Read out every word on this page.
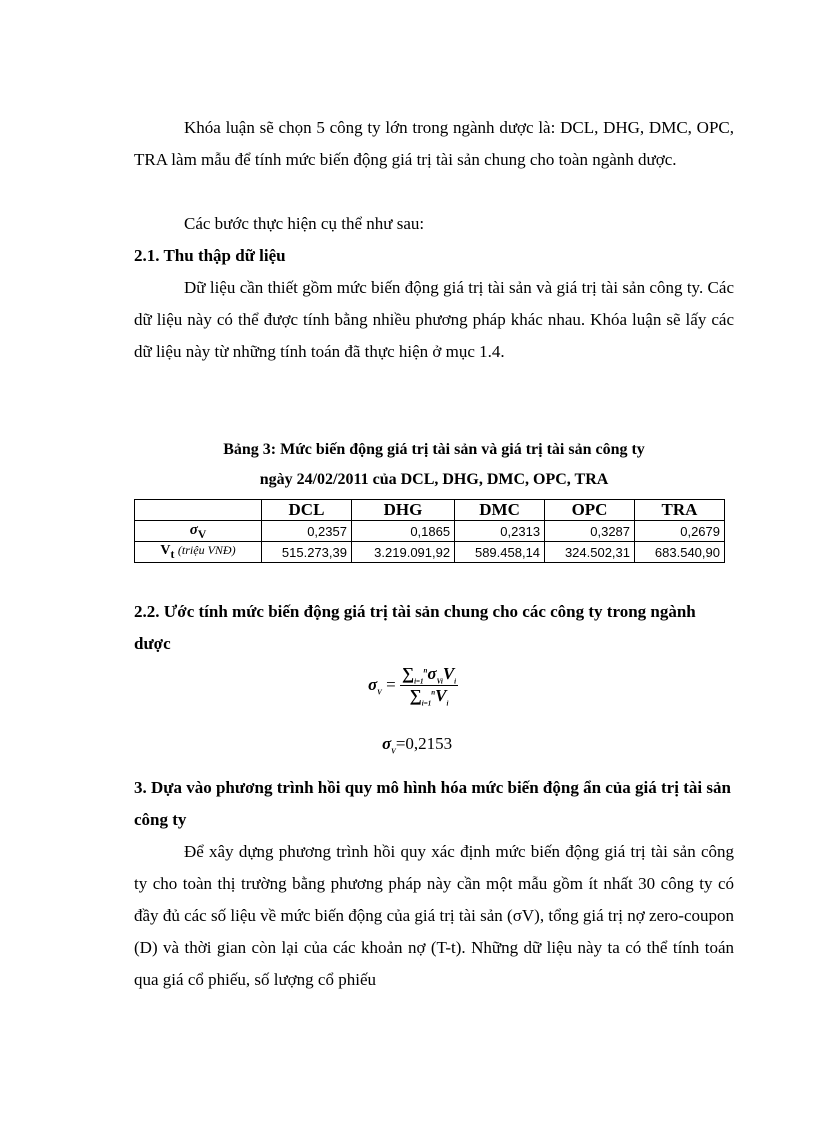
Khóa luận sẽ chọn 5 công ty lớn trong ngành dược là: DCL, DHG, DMC, OPC, TRA làm mẫu để tính mức biến động giá trị tài sản chung cho toàn ngành dược.

Các bước thực hiện cụ thể như sau:

2.1. Thu thập dữ liệu

Dữ liệu cần thiết gồm mức biến động giá trị tài sản và giá trị tài sản công ty. Các dữ liệu này có thể được tính bằng nhiều phương pháp khác nhau. Khóa luận sẽ lấy các dữ liệu này từ những tính toán đã thực hiện ở mục 1.4.

Bảng 3: Mức biến động giá trị tài sản và giá trị tài sản công ty

ngày 24/02/2011 của DCL, DHG, DMC, OPC, TRA

	DCL	DHG	DMC	OPC	TRA
$\sigma_V$	0,2357	0,1865	0,2313	0,3287	0,2679
$V_t$ (triệu VNĐ)	515.273,39	3.219.091,92	589.458,14	324.502,31	683.540,90

2.2. Ước tính mức biến động giá trị tài sản chung cho các công ty trong ngành dược

$\sigma_V = \frac{\sum_{i=1}^n\sigma_{Vi}V_i}{\sum_{i=1}^nV_i}$
$\sigma_V=0,2153$

3. Dựa vào phương trình hồi quy mô hình hóa mức biến động ẩn của giá trị tài sản công ty

Để xây dựng phương trình hồi quy xác định mức biến động giá trị tài sản công ty cho toàn thị trường bằng phương pháp này cần một mẫu gồm ít nhất 30 công ty có đầy đủ các số liệu về mức biến động của giá trị tài sản (σV), tổng giá trị nợ zero-coupon (D) và thời gian còn lại của các khoản nợ (T-t). Những dữ liệu này ta có thể tính toán qua giá cổ phiếu, số lượng cổ phiếu
